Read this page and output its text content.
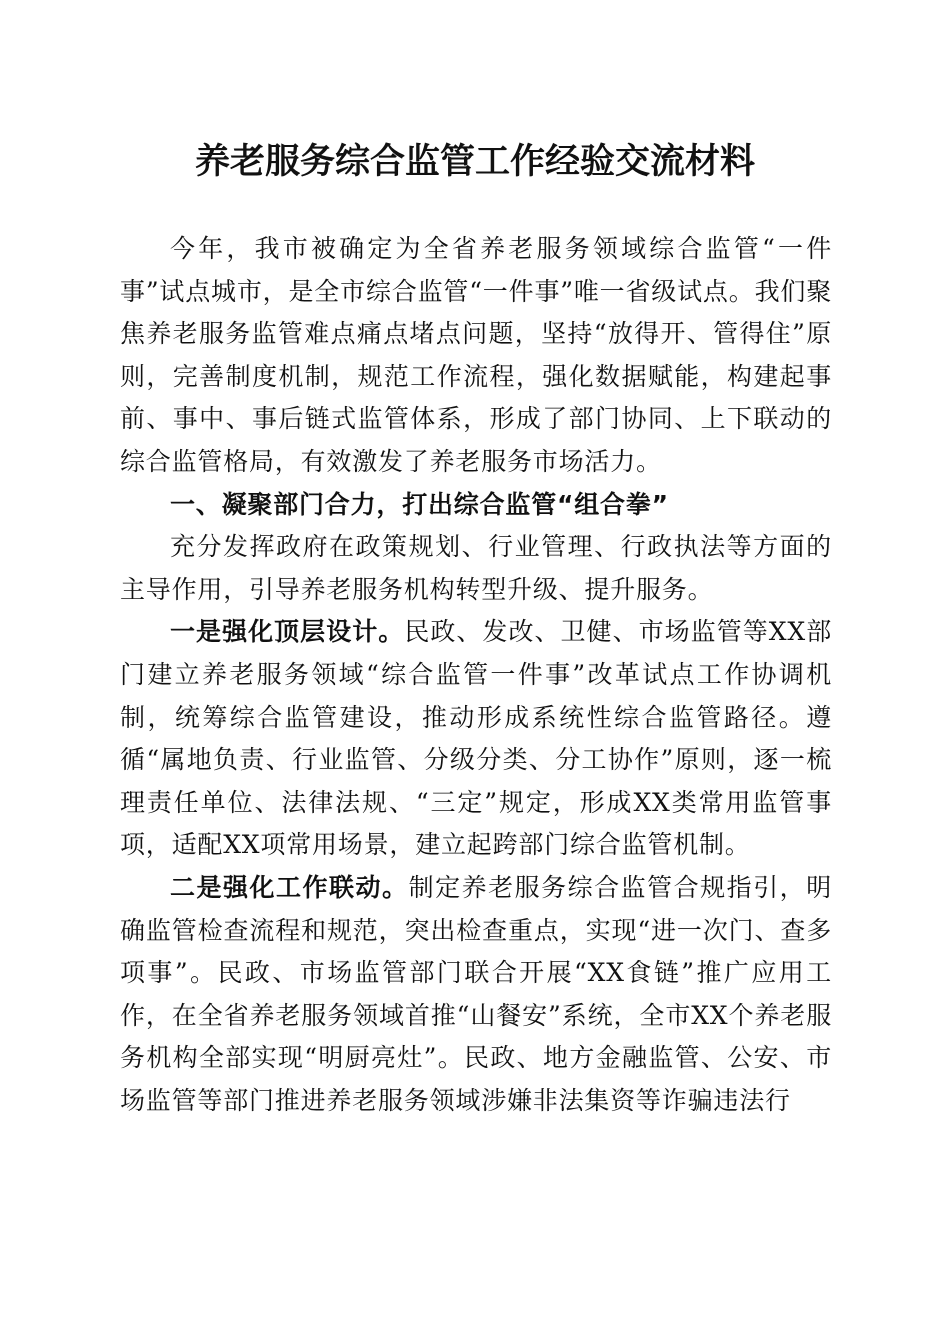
养老服务综合监管工作经验交流材料

今年，我市被确定为全省养老服务领域综合监管“一件事”试点城市，是全市综合监管“一件事”唯一省级试点。我们聚焦养老服务监管难点痛点堵点问题，坚持“放得开、管得住”原则，完善制度机制，规范工作流程，强化数据赋能，构建起事前、事中、事后链式监管体系，形成了部门协同、上下联动的综合监管格局，有效激发了养老服务市场活力。

一、凝聚部门合力，打出综合监管“组合拳”

充分发挥政府在政策规划、行业管理、行政执法等方面的主导作用，引导养老服务机构转型升级、提升服务。

一是强化顶层设计。民政、发改、卫健、市场监管等XX部门建立养老服务领域“综合监管一件事”改革试点工作协调机制，统筹综合监管建设，推动形成系统性综合监管路径。遵循“属地负责、行业监管、分级分类、分工协作”原则，逐一梳理责任单位、法律法规、“三定”规定，形成XX类常用监管事项，适配XX项常用场景，建立起跨部门综合监管机制。

二是强化工作联动。制定养老服务综合监管合规指引，明确监管检查流程和规范，突出检查重点，实现“进一次门、查多项事”。民政、市场监管部门联合开展“XX食链”推广应用工作，在全省养老服务领域首推“山餐安”系统，全市XX个养老服务机构全部实现“明厨亮灶”。民政、地方金融监管、公安、市场监管等部门推进养老服务领域涉嫌非法集资等诈骗违法行
